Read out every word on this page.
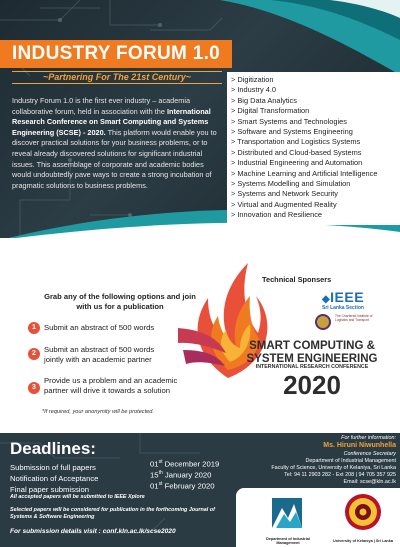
INDUSTRY FORUM 1.0
~Partnering For The 21st Century~

Industry Forum 1.0 is the first ever industry – academia collaborative forum, held in association with the International Research Conference on Smart Computing and Systems Engineering (SCSE) - 2020. This platform would enable you to discover practical solutions for your business problems, or to reveal already discovered solutions for significant industrial issues. This assemblage of corporate and academic bodies would undoubtedly pave ways to create a strong incubation of pragmatic solutions to business problems.

> Digitization
> Industry 4.0
> Big Data Analytics
> Digital Transformation
> Smart Systems and Technologies
> Software and Systems Engineering
> Transportation and Logistics Systems
> Distributed and Cloud-based Systems
> Industrial Engineering and Automation
> Machine Learning and Artificial Intelligence
> Systems Modelling and Simulation
> Systems and Network Security
> Virtual and Augmented Reality
> Innovation and Resilience
Grab any of the following options and join with us for a publication
1	Submit an abstract of 500 words
2	Submit an abstract of 500 words jointly with an academic partner
3
Provide us a problem and an academic partner will drive it towards a solution
*If required, your anonymity will be protected.
Technical Sponsers
◆IEEE
Sri Lanka Section
The Chartered Institute of Logistics and Transport
SMART COMPUTING &
SYSTEM ENGINEERING
INTERNATIONAL RESEARCH CONFERENCE
2020
Deadlines:
Submission of full papers	01st December 2019
Notification of Acceptance	15th January 2020
Final paper submission	01st February 2020
All accepted papers will be submitted to IEEE Xplore
Selected papers will be considered for publication in the forthcoming Journal of Systems & Software Engineering
For submission details visit : conf.kln.ac.lk/scse2020
For further information:
Ms. Hiruni Niwunhella
Conference Secretary
Department of Industrial Management
Faculty of Science, University of Kelaniya, Sri Lanka
Tel: 94 11 2903 282 - Ext 208 | 94 705 357 925
Email: scse@kln.ac.lk
Department of Industrial Management	University of Kelaniya | Sri Lanka
